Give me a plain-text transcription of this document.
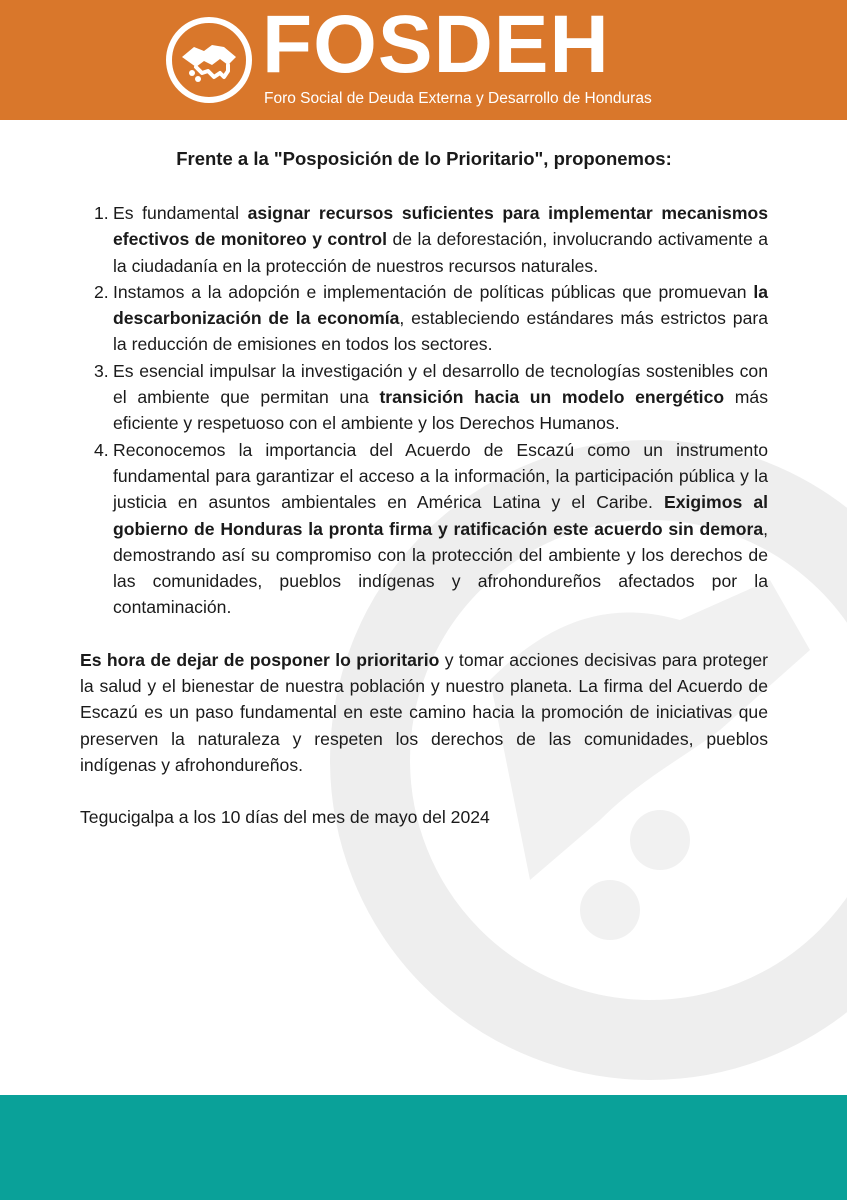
FOSDEH
Foro Social de Deuda Externa y Desarrollo de Honduras
Frente a la "Posposición de lo Prioritario", proponemos:
1. Es fundamental asignar recursos suficientes para implementar mecanismos efectivos de monitoreo y control de la deforestación, involucrando activamente a la ciudadanía en la protección de nuestros recursos naturales.
2. Instamos a la adopción e implementación de políticas públicas que promuevan la descarbonización de la economía, estableciendo estándares más estrictos para la reducción de emisiones en todos los sectores.
3. Es esencial impulsar la investigación y el desarrollo de tecnologías sostenibles con el ambiente que permitan una transición hacia un modelo energético más eficiente y respetuoso con el ambiente y los Derechos Humanos.
4. Reconocemos la importancia del Acuerdo de Escazú como un instrumento fundamental para garantizar el acceso a la información, la participación pública y la justicia en asuntos ambientales en América Latina y el Caribe. Exigimos al gobierno de Honduras la pronta firma y ratificación este acuerdo sin demora, demostrando así su compromiso con la protección del ambiente y los derechos de las comunidades, pueblos indígenas y afrohondureños afectados por la contaminación.

Es hora de dejar de posponer lo prioritario y tomar acciones decisivas para proteger la salud y el bienestar de nuestra población y nuestro planeta. La firma del Acuerdo de Escazú es un paso fundamental en este camino hacia la promoción de iniciativas que preserven la naturaleza y respeten los derechos de las comunidades, pueblos indígenas y afrohondureños.

Tegucigalpa a los 10 días del mes de mayo del 2024
